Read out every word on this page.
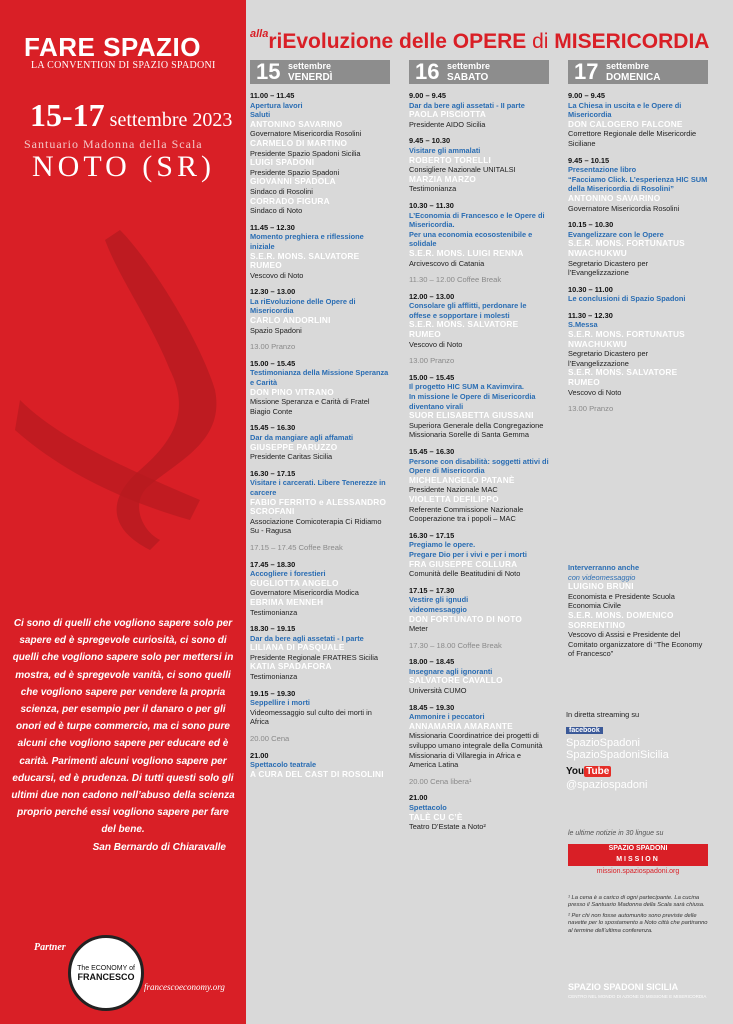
FARE SPAZIO	$^{alla}$riEvoluzione delle OPERE di MISERICORDIA
LA CONVENTION DI SPAZIO SPADONI
15-17 settembre 2023
Santuario Madonna della Scala
NOTO (SR)
Ci sono di quelli che vogliono sapere solo per sapere ed è spregevole curiosità, ci sono di quelli che vogliono sapere solo per mettersi in mostra, ed è spregevole vanità, ci sono quelli che vogliono sapere per vendere la propria scienza, per esempio per il danaro o per gli onori ed è turpe commercio, ma ci sono pure alcuni che vogliono sapere per educare ed è carità. Parimenti alcuni vogliono sapere per educarsi, ed è prudenza. Di tutti questi solo gli ultimi due non cadono nell’abuso della scienza proprio perché essi vogliono sapere per fare del bene.
San Bernardo di Chiaravalle
Partner
The ECONOMY of
FRANCESCO
francescoeconomy.org
15 settembre
VENERDÌ
11.00 – 11.45
Apertura lavori
Saluti
ANTONINO SAVARINO
Governatore Misericordia Rosolini
CARMELO DI MARTINO
Presidente Spazio Spadoni Sicilia
LUIGI SPADONI
Presidente Spazio Spadoni
GIOVANNI SPADOLA
Sindaco di Rosolini
CORRADO FIGURA
Sindaco di Noto
11.45 – 12.30
Momento preghiera e riflessione iniziale
S.E.R. MONS. SALVATORE RUMEO
Vescovo di Noto
12.30 – 13.00
La riEvoluzione delle Opere di Misericordia
CARLO ANDORLINI
Spazio Spadoni
13.00 Pranzo
15.00 – 15.45
Testimonianza della Missione Speranza e Carità
DON PINO VITRANO
Missione Speranza e Carità di Fratel Biagio Conte
15.45 – 16.30
Dar da mangiare agli affamati
GIUSEPPE PARUZZO
Presidente Caritas Sicilia
16.30 – 17.15
Visitare i carcerati. Libere Tenerezze in carcere
FABIO FERRITO e ALESSANDRO SCROFANI
Associazione Comicoterapia Ci Ridiamo Su - Ragusa
17.15 – 17.45 Coffee Break
17.45 – 18.30
Accogliere i forestieri
GUGLIOTTA ANGELO
Governatore Misericordia Modica
EBRIMA MENNEH
Testimonianza
18.30 – 19.15
Dar da bere agli assetati - I parte
LILIANA DI PASQUALE
Presidente Regionale FRATRES Sicilia
KATIA SPADAFORA
Testimonianza
19.15 – 19.30
Seppellire i morti
Videomessaggio sul culto dei morti in Africa
20.00 Cena
21.00
Spettacolo teatrale
A CURA DEL CAST DI ROSOLINI
16 settembre
SABATO
9.00 – 9.45
Dar da bere agli assetati - II parte
PAOLA PISCIOTTA
Presidente AIDO Sicilia
9.45 – 10.30
Visitare gli ammalati
ROBERTO TORELLI
Consigliere Nazionale UNITALSI
MARZIA MARZO
Testimonianza
10.30 – 11.30
L’Economia di Francesco e le Opere di Misericordia.
Per una economia ecosostenibile e solidale
S.E.R. MONS. LUIGI RENNA
Arcivescovo di Catania
11.30 – 12.00 Coffee Break
12.00 – 13.00
Consolare gli afflitti, perdonare le offese e sopportare i molesti
S.E.R. MONS. SALVATORE RUMEO
Vescovo di Noto
13.00 Pranzo
15.00 – 15.45
Il progetto HIC SUM a Kavimvira.
In missione le Opere di Misericordia diventano virali
SUOR ELISABETTA GIUSSANI
Superiora Generale della Congregazione Missionaria Sorelle di Santa Gemma
15.45 – 16.30
Persone con disabilità: soggetti attivi di Opere di Misericordia
MICHELANGELO PATANÈ
Presidente Nazionale MAC
VIOLETTA DEFILIPPO
Referente Commissione Nazionale Cooperazione tra i popoli – MAC
16.30 – 17.15
Pregiamo le opere.
Pregare Dio per i vivi e per i morti
FRA GIUSEPPE COLLURA
Comunità delle Beatitudini di Noto
17.15 – 17.30
Vestire gli ignudi
videomessaggio
DON FORTUNATO DI NOTO
Meter
17.30 – 18.00 Coffee Break
18.00 – 18.45
Insegnare agli ignoranti
SALVATORE CAVALLO
Università CUMO
18.45 – 19.30
Ammonire i peccatori
ANNAMARIA AMARANTE
Missionaria Coordinatrice dei progetti di sviluppo umano integrale della Comunità Missionaria di Villaregia in Africa e America Latina
20.00 Cena libera¹
21.00
Spettacolo
TALÈ CU C’È
Teatro D’Estate a Noto²
17 settembre
DOMENICA
9.00 – 9.45
La Chiesa in uscita e le Opere di Misericordia
DON CALOGERO FALCONE
Correttore Regionale delle Misericordie Siciliane
9.45 – 10.15
Presentazione libro
“Facciamo Click. L’esperienza HIC SUM della Misericordia di Rosolini”
ANTONINO SAVARINO
Governatore Misericordia Rosolini
10.15 – 10.30
Evangelizzare con le Opere
S.E.R. MONS. FORTUNATUS NWACHUKWU
Segretario Dicastero per l’Evangelizzazione
10.30 – 11.00
Le conclusioni di Spazio Spadoni
11.30 – 12.30
S.Messa
S.E.R. MONS. FORTUNATUS NWACHUKWU
Segretario Dicastero per l’Evangelizzazione
S.E.R. MONS. SALVATORE RUMEO
Vescovo di Noto
13.00 Pranzo
Interverranno anche
con videomessaggio
LUIGINO BRUNI
Economista e Presidente Scuola Economia Civile
S.E.R. MONS. DOMENICO SORRENTINO
Vescovo di Assisi e Presidente del Comitato organizzatore di “The Economy of Francesco”
In diretta streaming su
facebook
SpazioSpadoni
SpazioSpadoniSicilia
You Tube
@spaziospadoni
le ultime notizie in 30 lingue su
SPAZIO SPADONI
MISSION
mission.spaziospadoni.org

¹ La cena è a carico di ogni partecipante. La cucina presso il Santuario Madonna della Scala sarà chiusa.

² Per chi non fosse automunito sono previste delle navette per lo spostamento a Noto città che partiranno al termine dell’ultima conferenza.

SPAZIO SPADONI SICILIA
CENTRO NEL MONDO DI AZIONE DI MISSIONE E MISERICORDIA
